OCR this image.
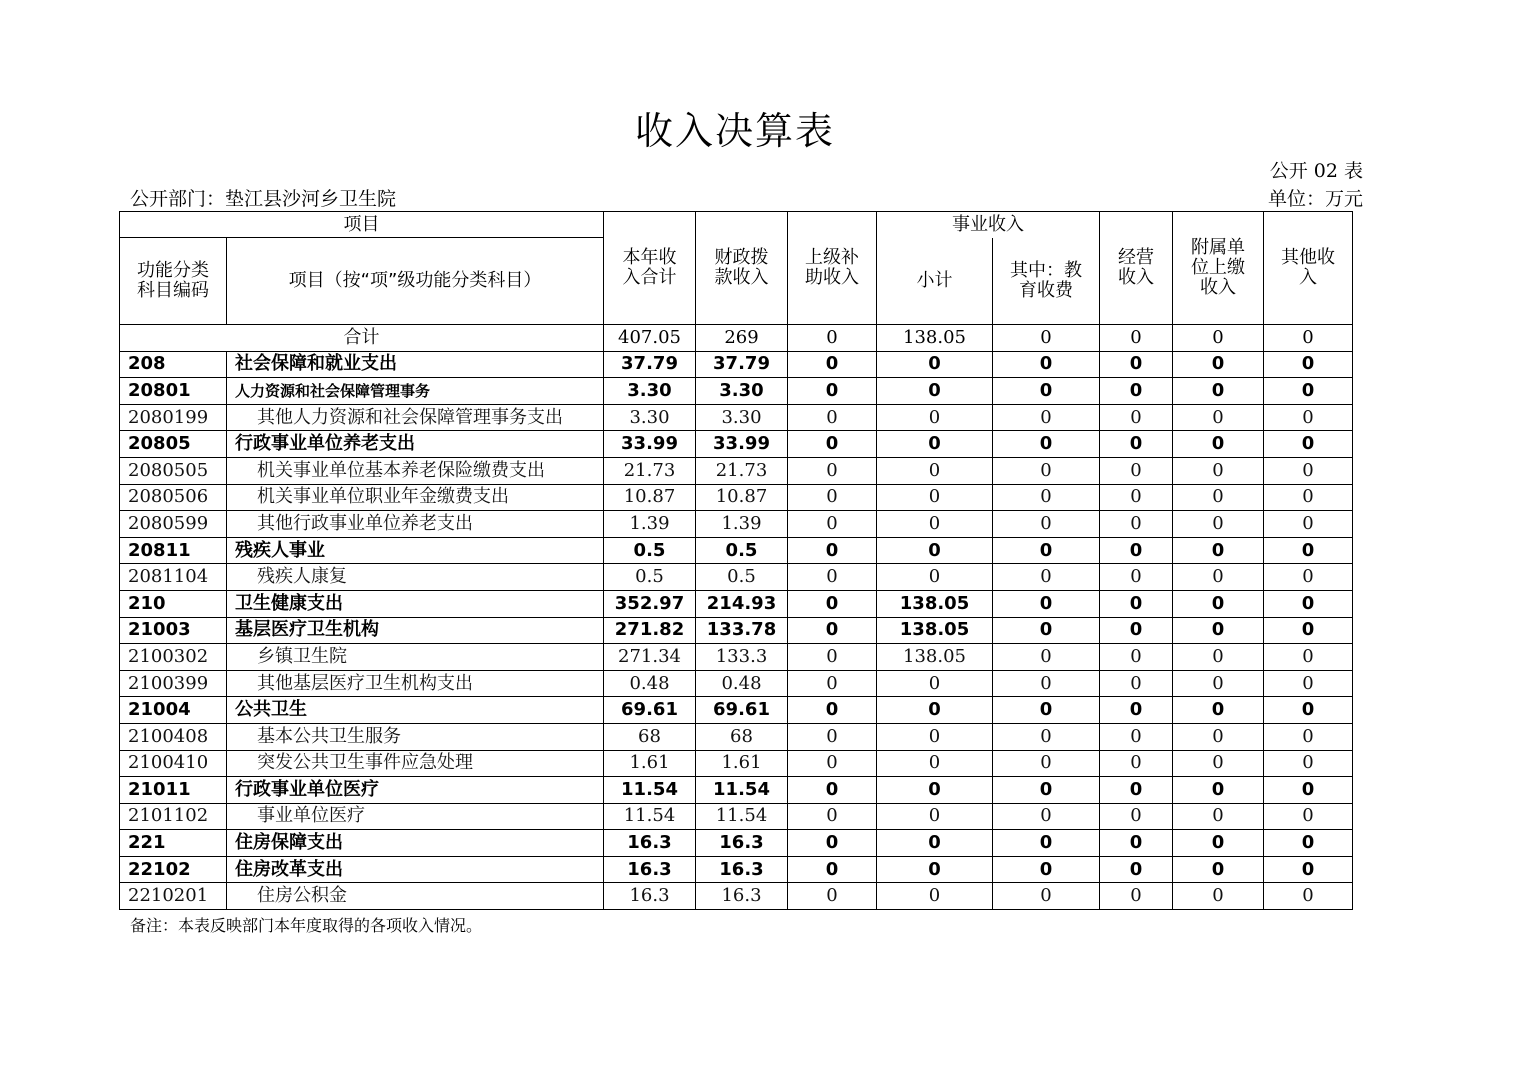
收入决算表
公开 02 表
公开部门：垫江县沙河乡卫生院	单位：万元
项目		本年收入合计	财政拨款收入	上级补助收入	事业收入		经营收入	附属单位上缴收入	其他收入
功能分类科目编码	项目（按“项”级功能分类科目）				小计	其中：教育收费			
合计		407.05	269	0	138.05	0	0	0	0
208	社会保障和就业支出	37.79	37.79	0	0	0	0	0	0
20801	人力资源和社会保障管理事务	3.30	3.30	0	0	0	0	0	0
2080199	其他人力资源和社会保障管理事务支出	3.30	3.30	0	0	0	0	0	0
20805	行政事业单位养老支出	33.99	33.99	0	0	0	0	0	0
2080505	机关事业单位基本养老保险缴费支出	21.73	21.73	0	0	0	0	0	0
2080506	机关事业单位职业年金缴费支出	10.87	10.87	0	0	0	0	0	0
2080599	其他行政事业单位养老支出	1.39	1.39	0	0	0	0	0	0
20811	残疾人事业	0.5	0.5	0	0	0	0	0	0
2081104	残疾人康复	0.5	0.5	0	0	0	0	0	0
210	卫生健康支出	352.97	214.93	0	138.05	0	0	0	0
21003	基层医疗卫生机构	271.82	133.78	0	138.05	0	0	0	0
2100302	乡镇卫生院	271.34	133.3	0	138.05	0	0	0	0
2100399	其他基层医疗卫生机构支出	0.48	0.48	0	0	0	0	0	0
21004	公共卫生	69.61	69.61	0	0	0	0	0	0
2100408	基本公共卫生服务	68	68	0	0	0	0	0	0
2100410	突发公共卫生事件应急处理	1.61	1.61	0	0	0	0	0	0
21011	行政事业单位医疗	11.54	11.54	0	0	0	0	0	0
2101102	事业单位医疗	11.54	11.54	0	0	0	0	0	0
221	住房保障支出	16.3	16.3	0	0	0	0	0	0
22102	住房改革支出	16.3	16.3	0	0	0	0	0	0
2210201	住房公积金	16.3	16.3	0	0	0	0	0	0
备注：本表反映部门本年度取得的各项收入情况。
